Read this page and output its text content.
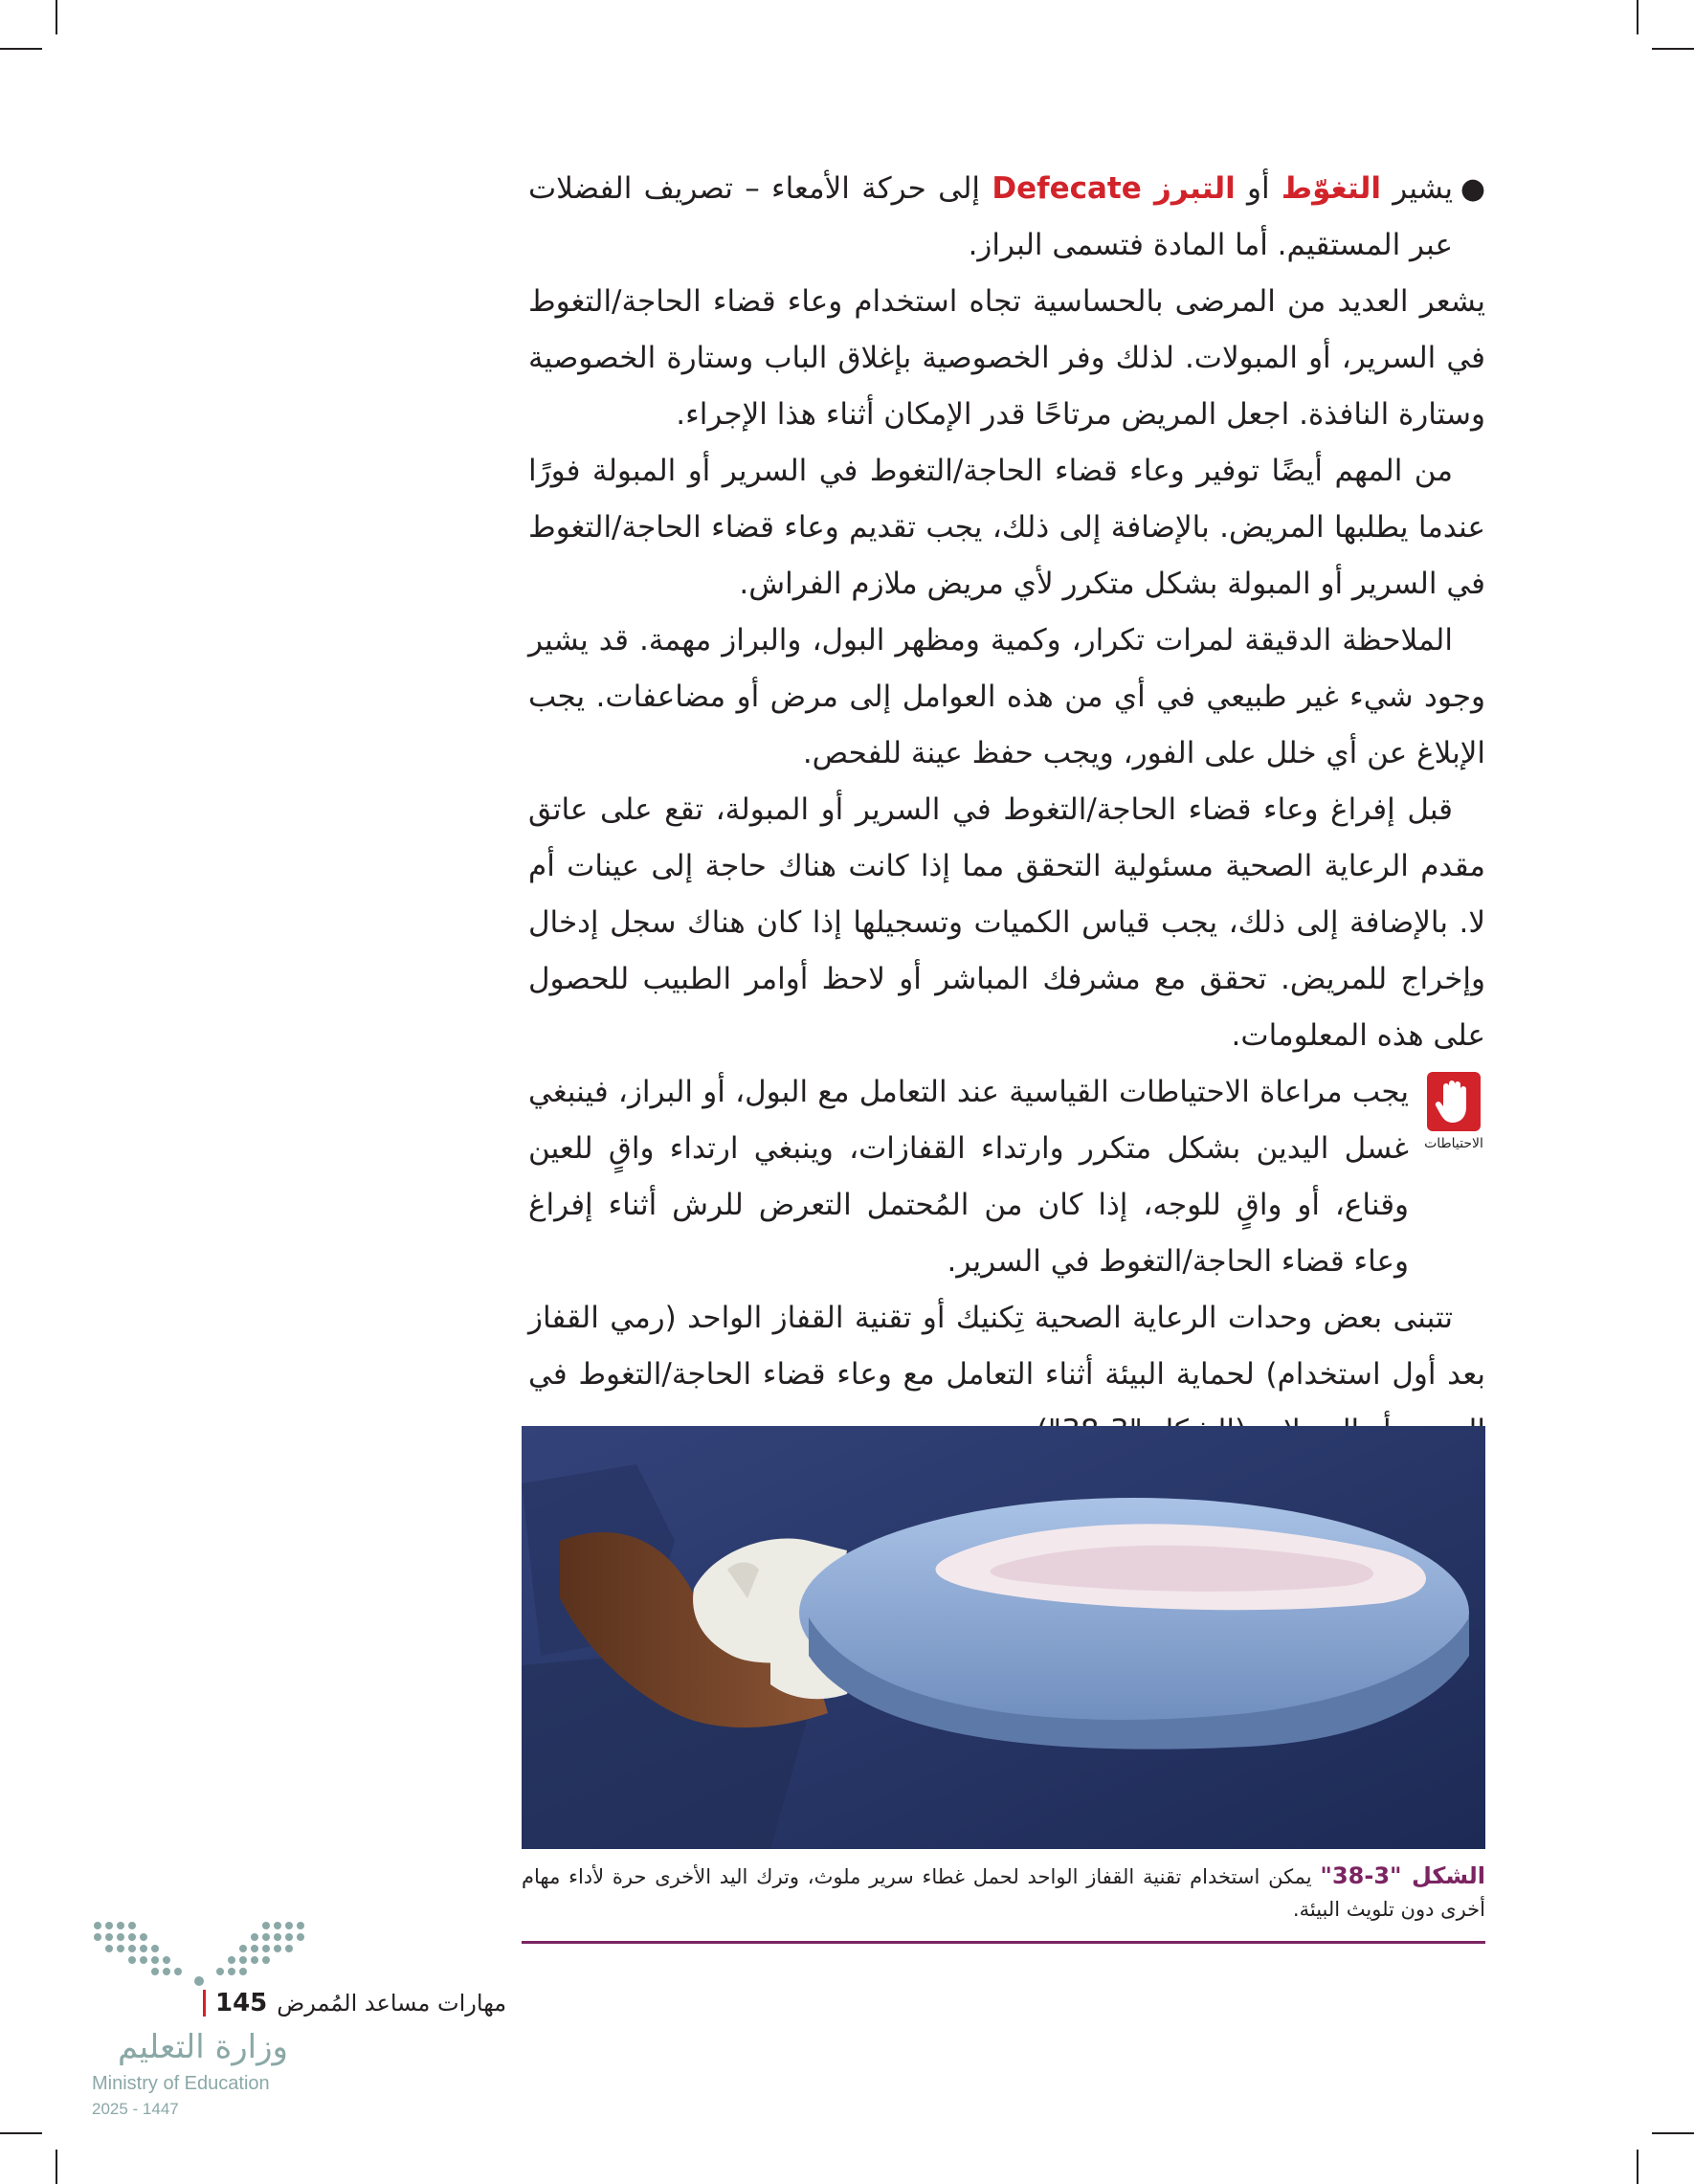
●
يشير التغوّط أو التبرز Defecate إلى حركة الأمعاء – تصريف الفضلات عبر المستقيم. أما المادة فتسمى البراز.

يشعر العديد من المرضى بالحساسية تجاه استخدام وعاء قضاء الحاجة/التغوط في السرير، أو المبولات. لذلك وفر الخصوصية بإغلاق الباب وستارة الخصوصية وستارة النافذة. اجعل المريض مرتاحًا قدر الإمكان أثناء هذا الإجراء.

من المهم أيضًا توفير وعاء قضاء الحاجة/التغوط في السرير أو المبولة فورًا عندما يطلبها المريض. بالإضافة إلى ذلك، يجب تقديم وعاء قضاء الحاجة/التغوط في السرير أو المبولة بشكل متكرر لأي مريض ملازم الفراش.

الملاحظة الدقيقة لمرات تكرار، وكمية ومظهر البول، والبراز مهمة. قد يشير وجود شيء غير طبيعي في أي من هذه العوامل إلى مرض أو مضاعفات. يجب الإبلاغ عن أي خلل على الفور، ويجب حفظ عينة للفحص.

قبل إفراغ وعاء قضاء الحاجة/التغوط في السرير أو المبولة، تقع على عاتق مقدم الرعاية الصحية مسئولية التحقق مما إذا كانت هناك حاجة إلى عينات أم لا. بالإضافة إلى ذلك، يجب قياس الكميات وتسجيلها إذا كان هناك سجل إدخال وإخراج للمريض. تحقق مع مشرفك المباشر أو لاحظ أوامر الطبيب للحصول على هذه المعلومات.

الاحتياطات

يجب مراعاة الاحتياطات القياسية عند التعامل مع البول، أو البراز، فينبغي غسل اليدين بشكل متكرر وارتداء القفازات، وينبغي ارتداء واقٍ للعين وقناع، أو واقٍ للوجه، إذا كان من المُحتمل التعرض للرش أثناء إفراغ وعاء قضاء الحاجة/التغوط في السرير.

تتبنى بعض وحدات الرعاية الصحية تِكنيك أو تقنية القفاز الواحد (رمي القفاز بعد أول استخدام) لحماية البيئة أثناء التعامل مع وعاء قضاء الحاجة/التغوط في

الشكل "3-38" يمكن استخدام تقنية القفاز الواحد لحمل غطاء سرير ملوث، وترك اليد الأخرى حرة لأداء مهام أخرى دون تلويث البيئة.
وزارة التعليم
Ministry of Education
2025 - 1447
مهارات مساعد المُمرض
145
